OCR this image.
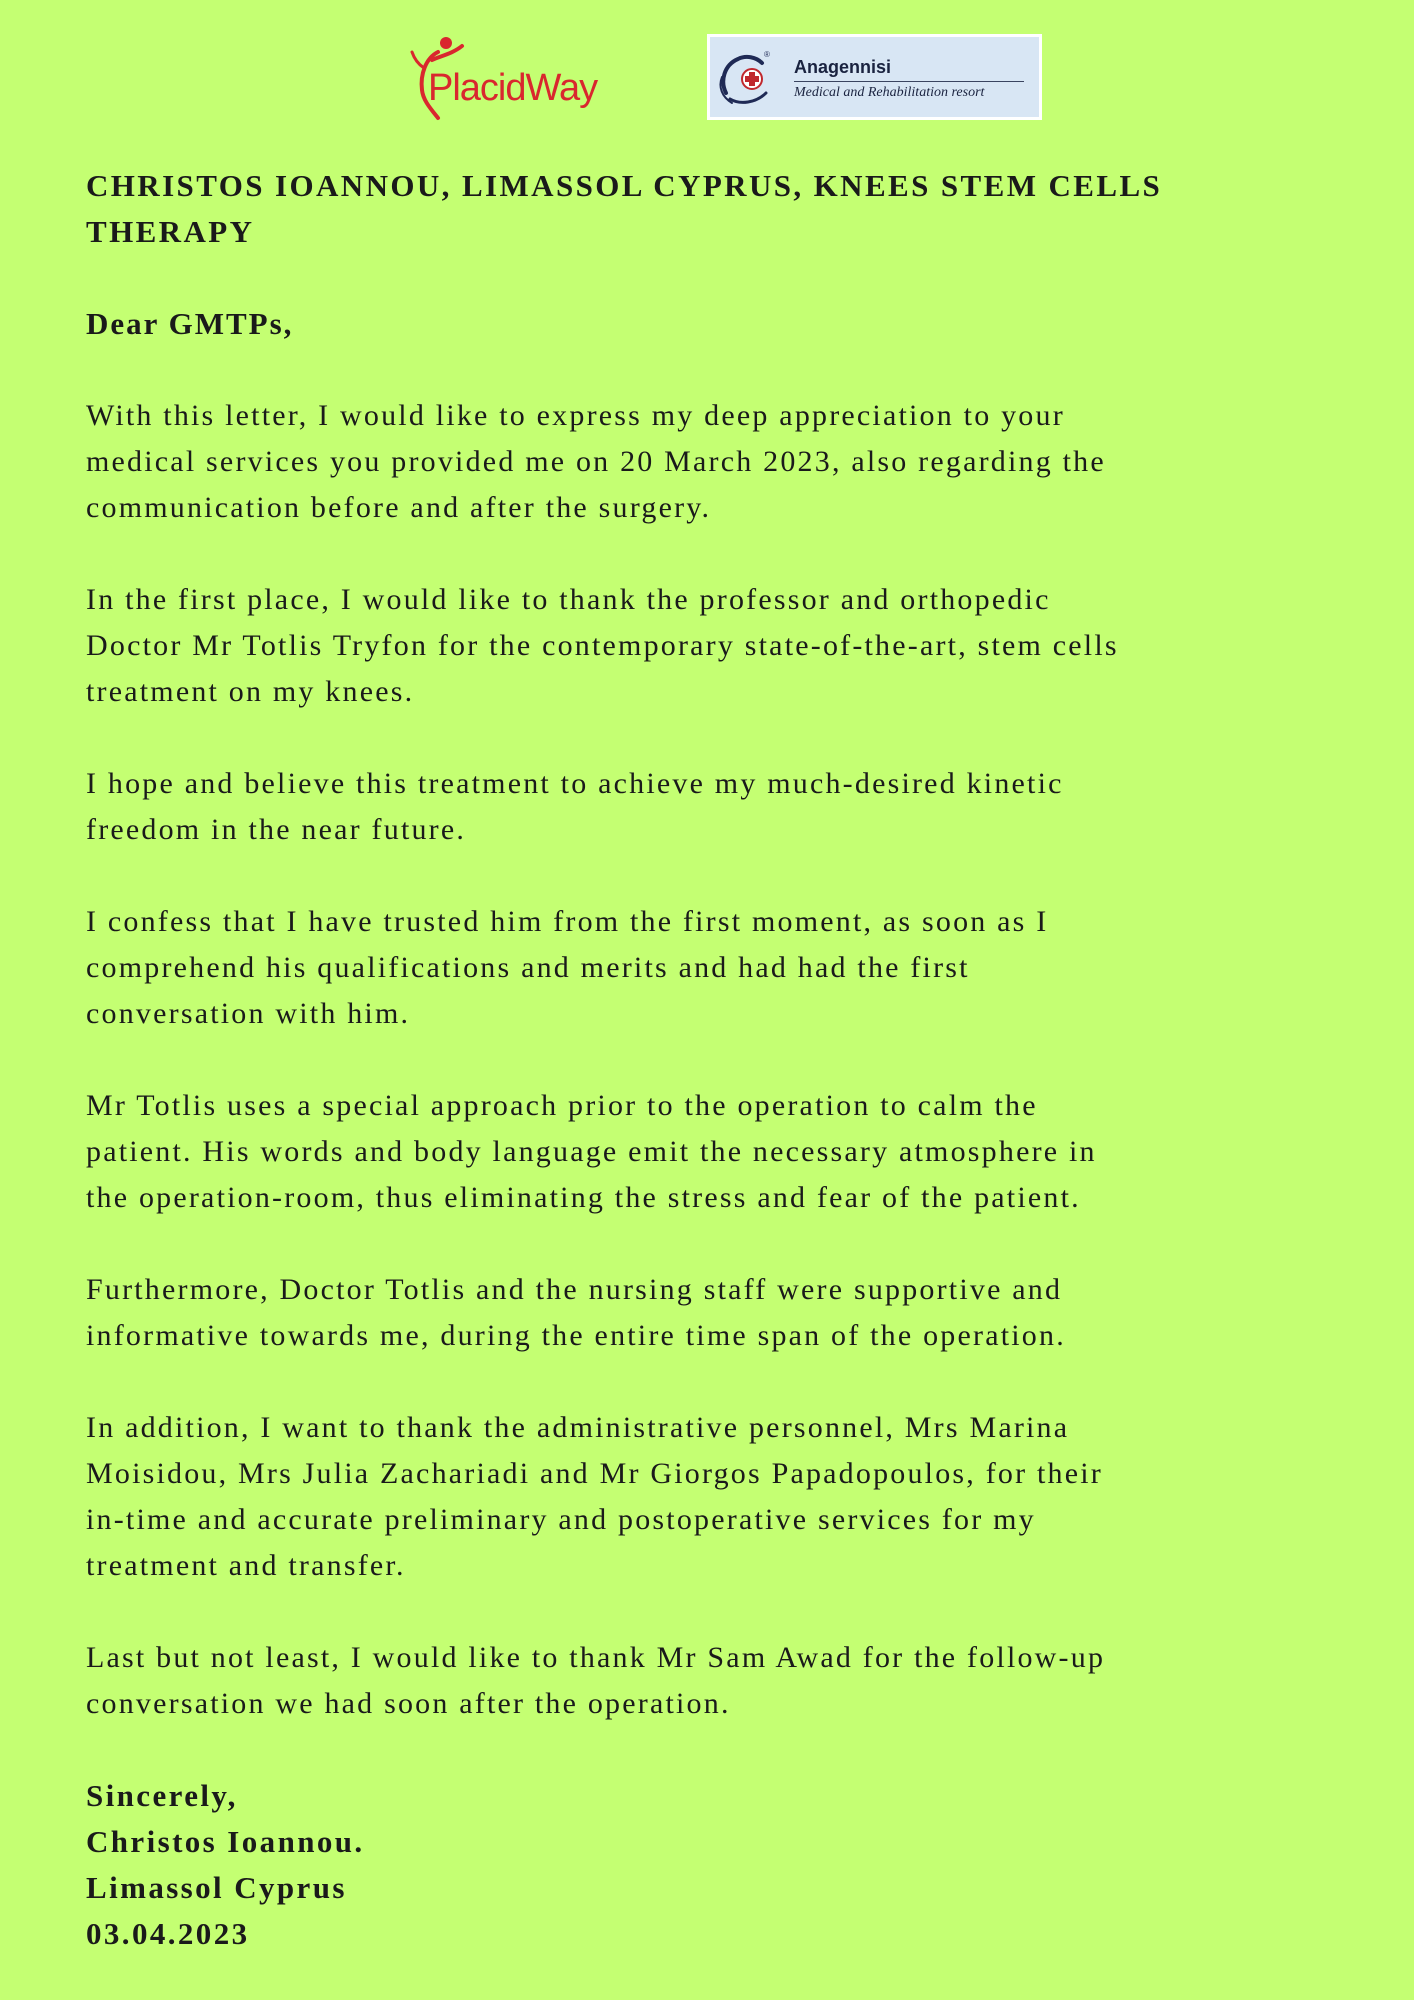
PlacidWay
®
Anagennisi
Medical and Rehabilitation resort
CHRISTOS IOANNOU, LIMASSOL CYPRUS, KNEES STEM CELLS THERAPY
Dear GMTPs,

With this letter, I would like to express my deep appreciation to your
medical services you provided me on 20 March 2023, also regarding the
communication before and after the surgery.

In the first place, I would like to thank the professor and orthopedic
Doctor Mr Totlis Tryfon for the contemporary state-of-the-art, stem cells
treatment on my knees.

I hope and believe this treatment to achieve my much-desired kinetic
freedom in the near future.

I confess that I have trusted him from the first moment, as soon as I
comprehend his qualifications and merits and had had the first
conversation with him.

Mr Totlis uses a special approach prior to the operation to calm the
patient. His words and body language emit the necessary atmosphere in
the operation-room, thus eliminating the stress and fear of the patient.

Furthermore, Doctor Totlis and the nursing staff were supportive and
informative towards me, during the entire time span of the operation.

In addition, I want to thank the administrative personnel, Mrs Marina
Moisidou, Mrs Julia Zachariadi and Mr Giorgos Papadopoulos, for their
in-time and accurate preliminary and postoperative services for my
treatment and transfer.

Last but not least, I would like to thank Mr Sam Awad for the follow-up
conversation we had soon after the operation.

Sincerely,
Christos Ioannou.
Limassol Cyprus
03.04.2023
